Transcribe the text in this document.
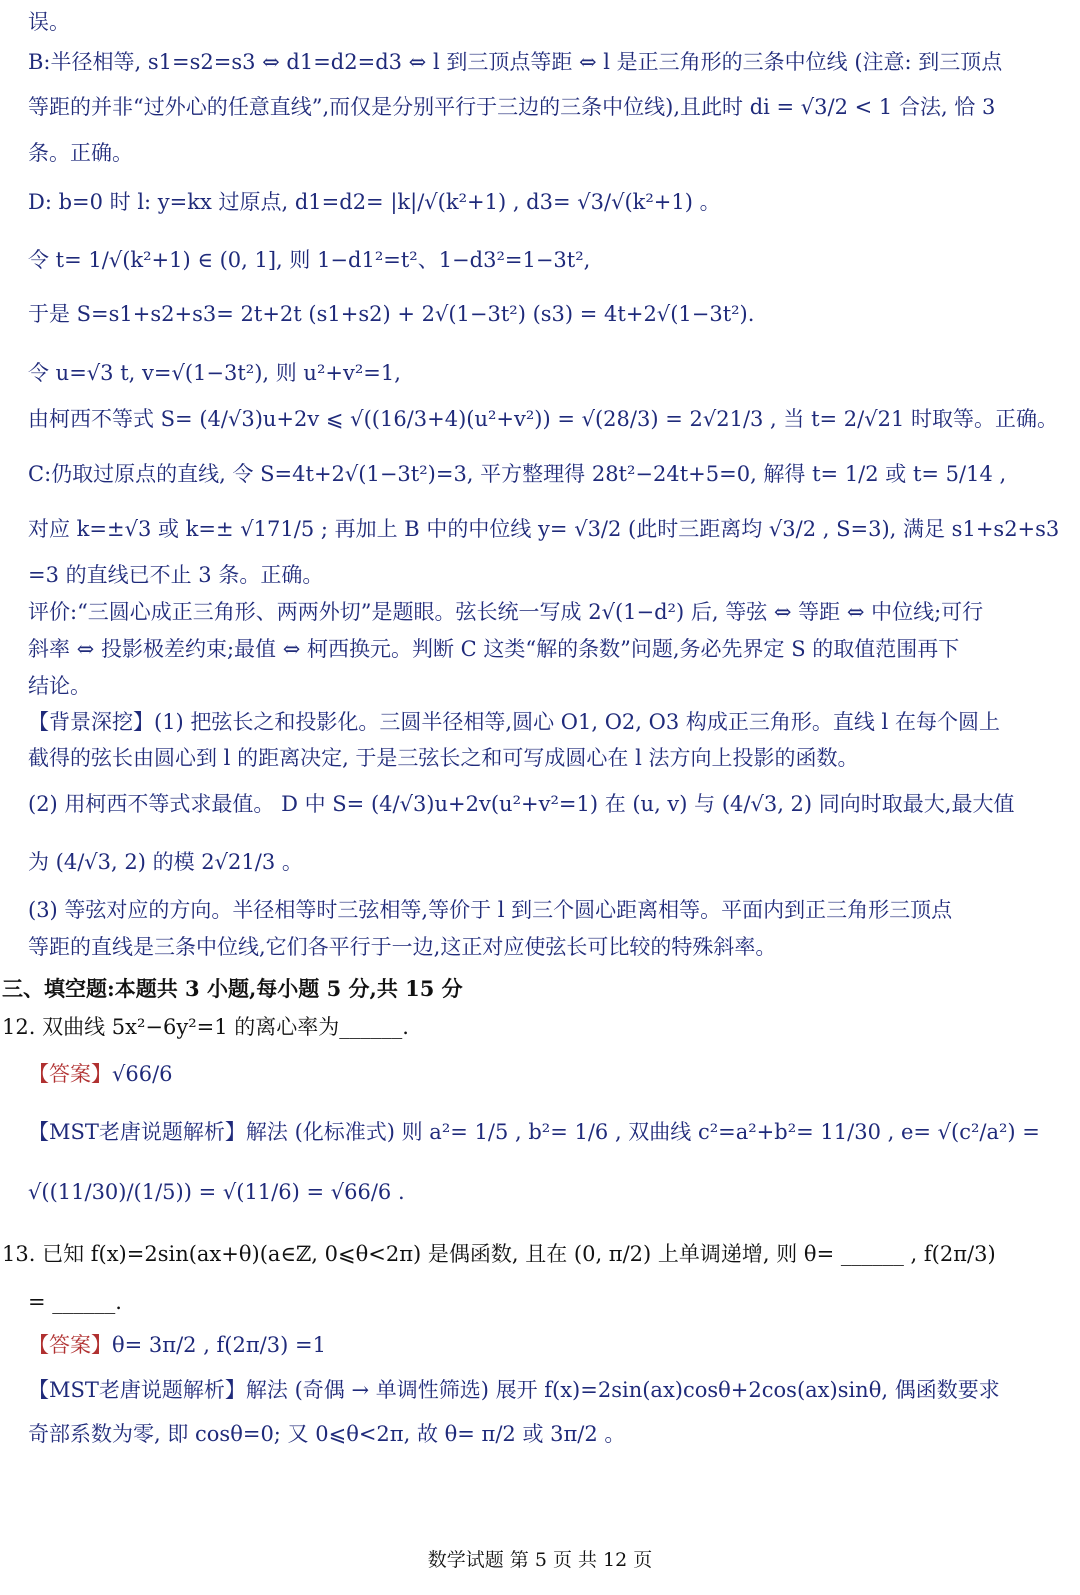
误。
B:半径相等, s1=s2=s3 ⇔ d1=d2=d3 ⇔ l 到三顶点等距 ⇔ l 是正三角形的三条中位线 (注意: 到三顶点
等距的并非“过外心的任意直线”,而仅是分别平行于三边的三条中位线),且此时 di = √3/2 < 1 合法, 恰 3
条。正确。
D: b=0 时 l: y=kx 过原点, d1=d2= |k|/√(k²+1) , d3= √3/√(k²+1) 。
令 t= 1/√(k²+1) ∈ (0, 1], 则 1−d1²=t²、1−d3²=1−3t²,
于是 S=s1+s2+s3= 2t+2t (s1+s2) + 2√(1−3t²) (s3) = 4t+2√(1−3t²).
令 u=√3 t, v=√(1−3t²), 则 u²+v²=1,
由柯西不等式 S= (4/√3)u+2v ⩽ √((16/3+4)(u²+v²)) = √(28/3) = 2√21/3 , 当 t= 2/√21 时取等。正确。
C:仍取过原点的直线, 令 S=4t+2√(1−3t²)=3, 平方整理得 28t²−24t+5=0, 解得 t= 1/2 或 t= 5/14 ,
对应 k=±√3 或 k=± √171/5 ; 再加上 B 中的中位线 y= √3/2 (此时三距离均 √3/2 , S=3), 满足 s1+s2+s3
=3 的直线已不止 3 条。正确。
评价:“三圆心成正三角形、两两外切”是题眼。弦长统一写成 2√(1−d²) 后, 等弦 ⇔ 等距 ⇔ 中位线;可行
斜率 ⇔ 投影极差约束;最值 ⇔ 柯西换元。判断 C 这类“解的条数”问题,务必先界定 S 的取值范围再下
结论。
【背景深挖】(1) 把弦长之和投影化。三圆半径相等,圆心 O1, O2, O3 构成正三角形。直线 l 在每个圆上
截得的弦长由圆心到 l 的距离决定, 于是三弦长之和可写成圆心在 l 法方向上投影的函数。
(2) 用柯西不等式求最值。 D 中 S= (4/√3)u+2v(u²+v²=1) 在 (u, v) 与 (4/√3, 2) 同向时取最大,最大值
为 (4/√3, 2) 的模 2√21/3 。
(3) 等弦对应的方向。半径相等时三弦相等,等价于 l 到三个圆心距离相等。平面内到正三角形三顶点
等距的直线是三条中位线,它们各平行于一边,这正对应使弦长可比较的特殊斜率。
三、填空题:本题共 3 小题,每小题 5 分,共 15 分
12. 双曲线 5x²−6y²=1 的离心率为______.
【答案】√66/6
【MST老唐说题解析】解法 (化标准式) 则 a²= 1/5 , b²= 1/6 , 双曲线 c²=a²+b²= 11/30 , e= √(c²/a²) =
√((11/30)/(1/5)) = √(11/6) = √66/6 .
13. 已知 f(x)=2sin(ax+θ)(a∈ℤ, 0⩽θ<2π) 是偶函数, 且在 (0, π/2) 上单调递增, 则 θ= ______ , f(2π/3)
= ______.
【答案】θ= 3π/2 , f(2π/3) =1
【MST老唐说题解析】解法 (奇偶 → 单调性筛选) 展开 f(x)=2sin(ax)cosθ+2cos(ax)sinθ, 偶函数要求
奇部系数为零, 即 cosθ=0; 又 0⩽θ<2π, 故 θ= π/2 或 3π/2 。
数学试题 第 5 页 共 12 页
